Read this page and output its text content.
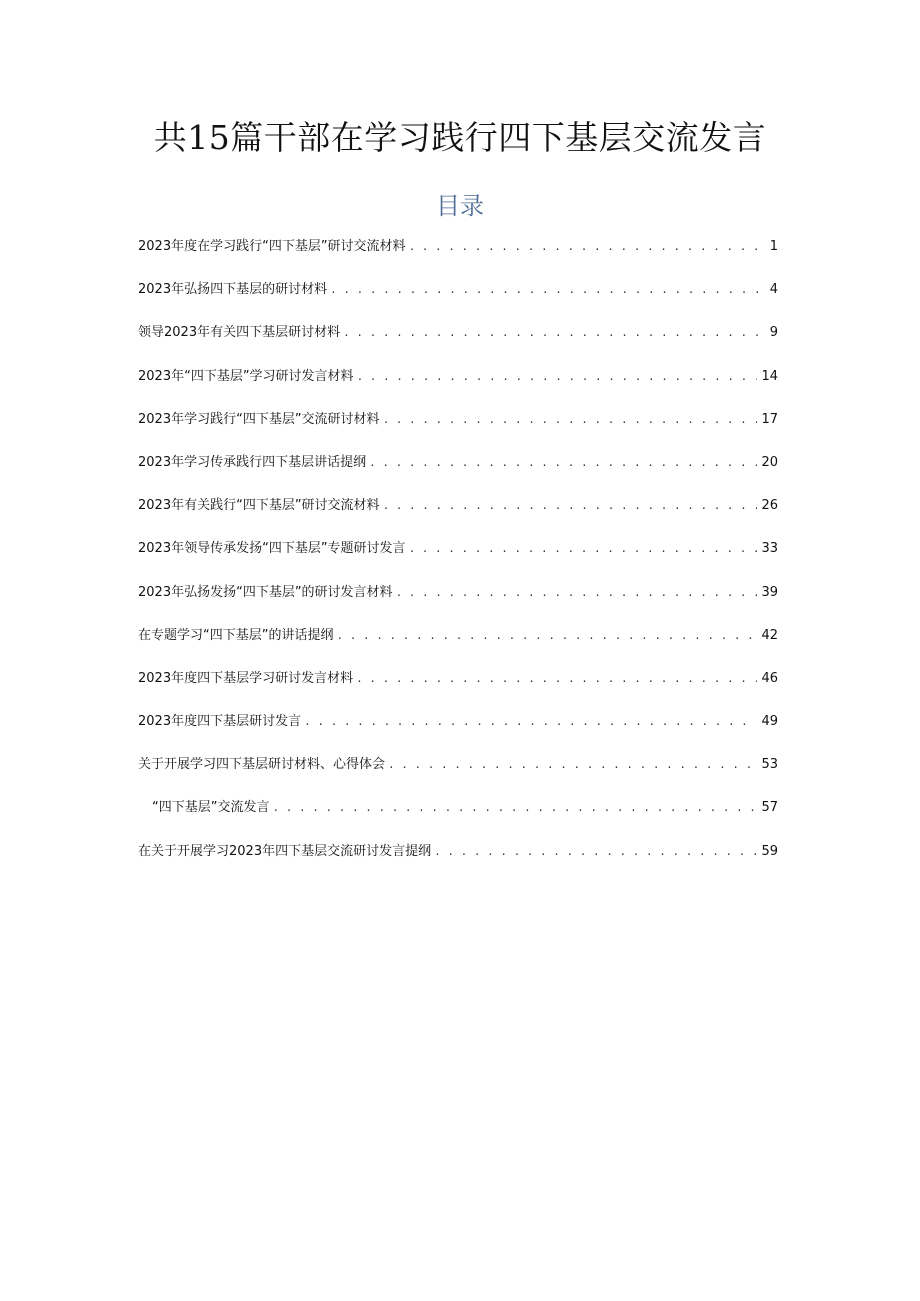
共15篇干部在学习践行四下基层交流发言
目录
2023年度在学习践行“四下基层”研讨交流材料 . . .	1
2023年弘扬四下基层的研讨材料 . . .	4
领导2023年有关四下基层研讨材料 . . .	9
2023年“四下基层”学习研讨发言材料 . . .	14
2023年学习践行“四下基层”交流研讨材料 . . .	17
2023年学习传承践行四下基层讲话提纲 . . .	20
2023年有关践行“四下基层”研讨交流材料 . . .	26
2023年领导传承发扬“四下基层”专题研讨发言 . . .	33
2023年弘扬发扬“四下基层”的研讨发言材料 . . .	39
在专题学习“四下基层”的讲话提纲 . . .	42
2023年度四下基层学习研讨发言材料 . . .	46
2023年度四下基层研讨发言 . . .	49
关于开展学习四下基层研讨材料、心得体会 . . .	53
“四下基层”交流发言 . . .	57
在关于开展学习2023年四下基层交流研讨发言提纲 . . .	59
